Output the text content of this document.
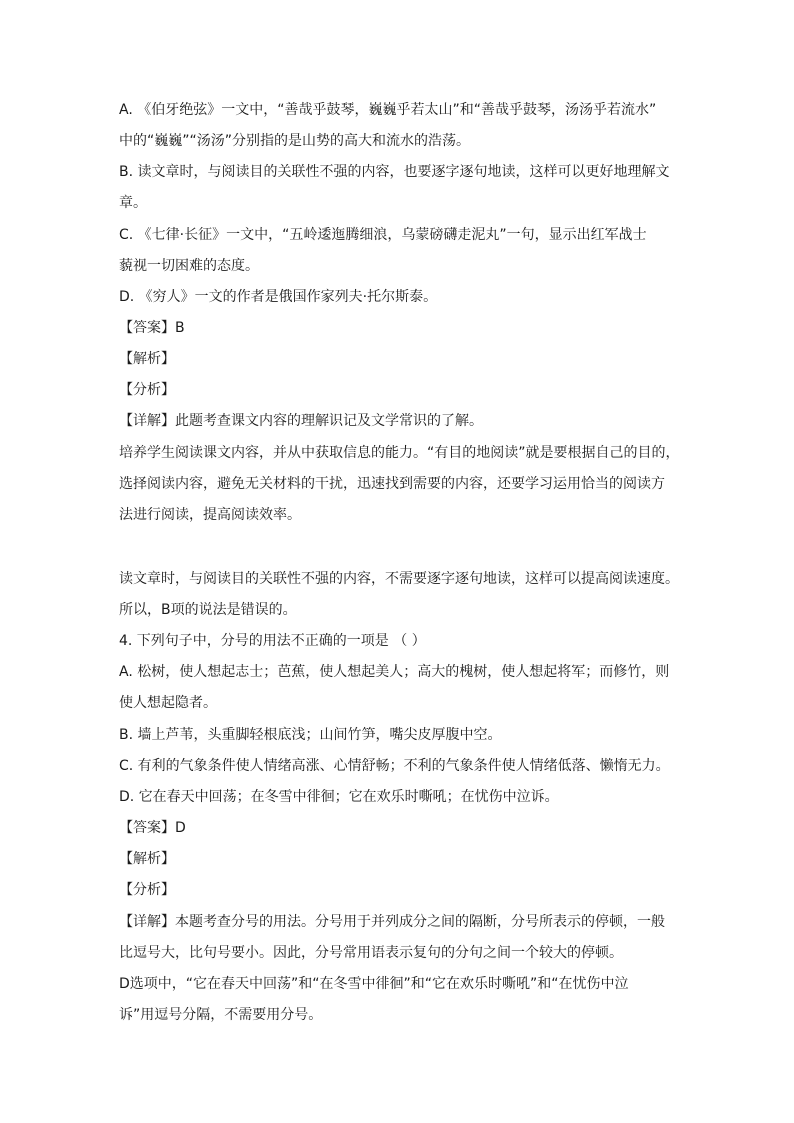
A. 《伯牙绝弦》一文中，“善哉乎鼓琴，巍巍乎若太山”和“善哉乎鼓琴，汤汤乎若流水”
中的“巍巍”“汤汤”分别指的是山势的高大和流水的浩荡。
B. 读文章时，与阅读目的关联性不强的内容，也要逐字逐句地读，这样可以更好地理解文
章。
C. 《七律·长征》一文中，“五岭逶迤腾细浪，乌蒙磅礴走泥丸”一句，显示出红军战士
藐视一切困难的态度。
D. 《穷人》一文的作者是俄国作家列夫·托尔斯泰。
【答案】B
【解析】
【分析】
【详解】此题考查课文内容的理解识记及文学常识的了解。
培养学生阅读课文内容，并从中获取信息的能力。“有目的地阅读”就是要根据自己的目的，
选择阅读内容，避免无关材料的干扰，迅速找到需要的内容，还要学习运用恰当的阅读方
法进行阅读，提高阅读效率。
读文章时，与阅读目的关联性不强的内容，不需要逐字逐句地读，这样可以提高阅读速度。
所以，B项的说法是错误的。
4. 下列句子中，分号的用法不正确的一项是 （ ）
A. 松树，使人想起志士；芭蕉，使人想起美人；高大的槐树，使人想起将军；而修竹，则
使人想起隐者。
B. 墙上芦苇，头重脚轻根底浅；山间竹笋，嘴尖皮厚腹中空。
C. 有利的气象条件使人情绪高涨、心情舒畅；不利的气象条件使人情绪低落、懒惰无力。
D. 它在春天中回荡；在冬雪中徘徊；它在欢乐时嘶吼；在忧伤中泣诉。
【答案】D
【解析】
【分析】
【详解】本题考查分号的用法。分号用于并列成分之间的隔断，分号所表示的停顿，一般
比逗号大，比句号要小。因此，分号常用语表示复句的分句之间一个较大的停顿。
D选项中，“它在春天中回荡”和“在冬雪中徘徊”和“它在欢乐时嘶吼”和“在忧伤中泣
诉”用逗号分隔，不需要用分号。
